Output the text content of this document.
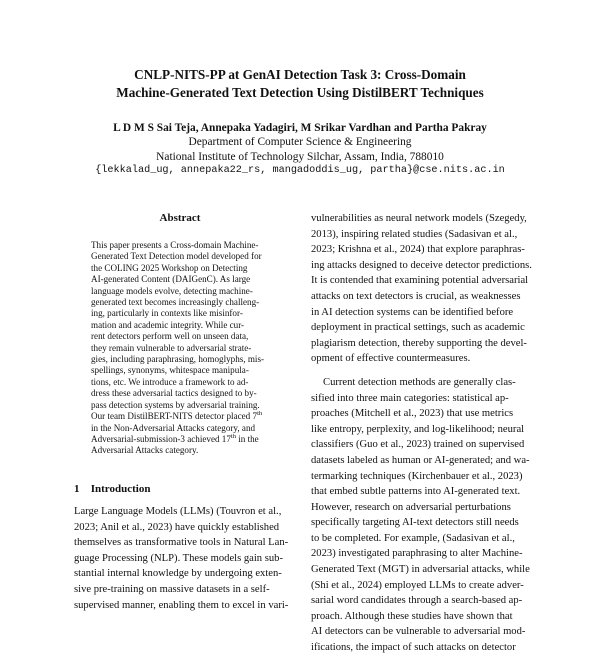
CNLP-NITS-PP at GenAI Detection Task 3: Cross-Domain
Machine-Generated Text Detection Using DistilBERT Techniques
L D M S Sai Teja, Annepaka Yadagiri, M Srikar Vardhan and Partha Pakray
Department of Computer Science & Engineering
National Institute of Technology Silchar, Assam, India, 788010
{lekkalad_ug, annepaka22_rs, mangadoddis_ug, partha}@cse.nits.ac.in
Abstract
This paper presents a Cross-domain Machine-
Generated Text Detection model developed for
the COLING 2025 Workshop on Detecting
AI-generated Content (DAIGenC). As large
language models evolve, detecting machine-
generated text becomes increasingly challeng-
ing, particularly in contexts like misinfor-
mation and academic integrity. While cur-
rent detectors perform well on unseen data,
they remain vulnerable to adversarial strate-
gies, including paraphrasing, homoglyphs, mis-
spellings, synonyms, whitespace manipula-
tions, etc. We introduce a framework to ad-
dress these adversarial tactics designed to by-
pass detection systems by adversarial training.
Our team DistilBERT-NITS detector placed 7th
in the Non-Adversarial Attacks category, and
Adversarial-submission-3 achieved 17th in the
Adversarial Attacks category.
1 Introduction
Large Language Models (LLMs) (Touvron et al.,
2023; Anil et al., 2023) have quickly established
themselves as transformative tools in Natural Lan-
guage Processing (NLP). These models gain sub-
stantial internal knowledge by undergoing exten-
sive pre-training on massive datasets in a self-
supervised manner, enabling them to excel in vari-
vulnerabilities as neural network models (Szegedy,
2013), inspiring related studies (Sadasivan et al.,
2023; Krishna et al., 2024) that explore paraphras-
ing attacks designed to deceive detector predictions.
It is contended that examining potential adversarial
attacks on text detectors is crucial, as weaknesses
in AI detection systems can be identified before
deployment in practical settings, such as academic
plagiarism detection, thereby supporting the devel-
opment of effective countermeasures.
Current detection methods are generally clas-
sified into three main categories: statistical ap-
proaches (Mitchell et al., 2023) that use metrics
like entropy, perplexity, and log-likelihood; neural
classifiers (Guo et al., 2023) trained on supervised
datasets labeled as human or AI-generated; and wa-
termarking techniques (Kirchenbauer et al., 2023)
that embed subtle patterns into AI-generated text.
However, research on adversarial perturbations
specifically targeting AI-text detectors still needs
to be completed. For example, (Sadasivan et al.,
2023) investigated paraphrasing to alter Machine-
Generated Text (MGT) in adversarial attacks, while
(Shi et al., 2024) employed LLMs to create adver-
sarial word candidates through a search-based ap-
proach. Although these studies have shown that
AI detectors can be vulnerable to adversarial mod-
ifications, the impact of such attacks on detector
